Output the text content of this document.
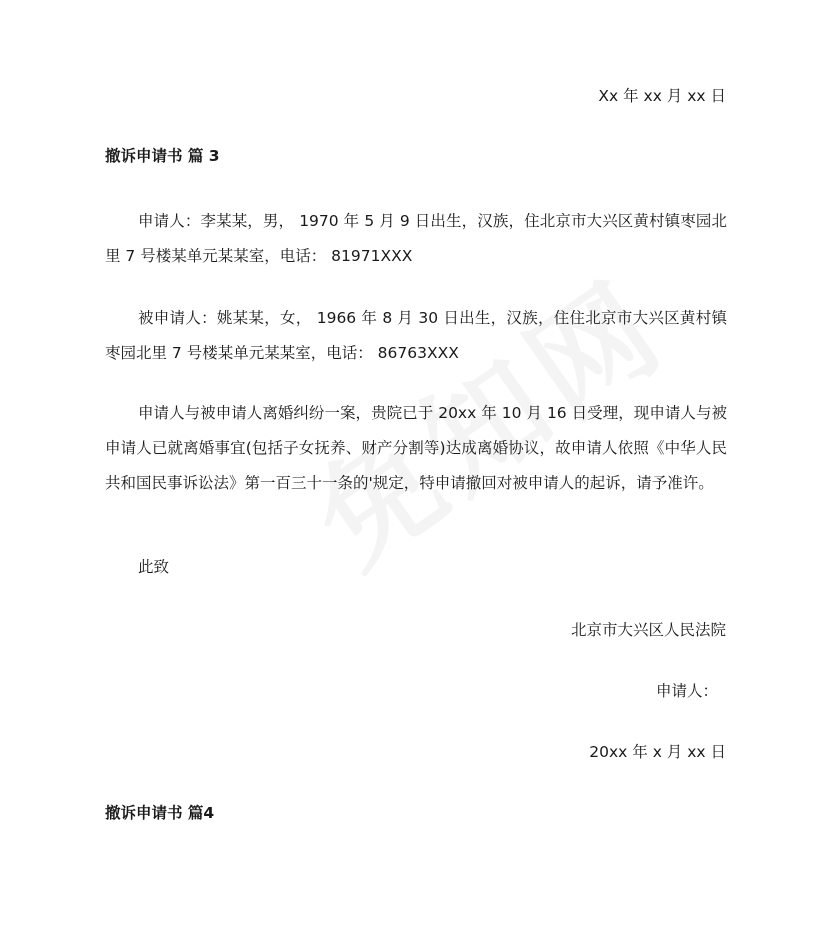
Xx 年 xx 月 xx 日
撤诉申请书 篇 3
申请人：李某某，男， 1970 年 5 月 9 日出生，汉族，住北京市大兴区黄村镇枣园北里 7 号楼某单元某某室，电话： 81971XXX
被申请人：姚某某，女， 1966 年 8 月 30 日出生，汉族，住住北京市大兴区黄村镇枣园北里 7 号楼某单元某某室，电话： 86763XXX
申请人与被申请人离婚纠纷一案，贵院已于 20xx 年 10 月 16 日受理，现申请人与被申请人已就离婚事宜(包括子女抚养、财产分割等)达成离婚协议，故申请人依照《中华人民共和国民事诉讼法》第一百三十一条的'规定，特申请撤回对被申请人的起诉，请予准许。
此致
北京市大兴区人民法院
申请人：
20xx 年 x 月 xx 日
撤诉申请书 篇4
